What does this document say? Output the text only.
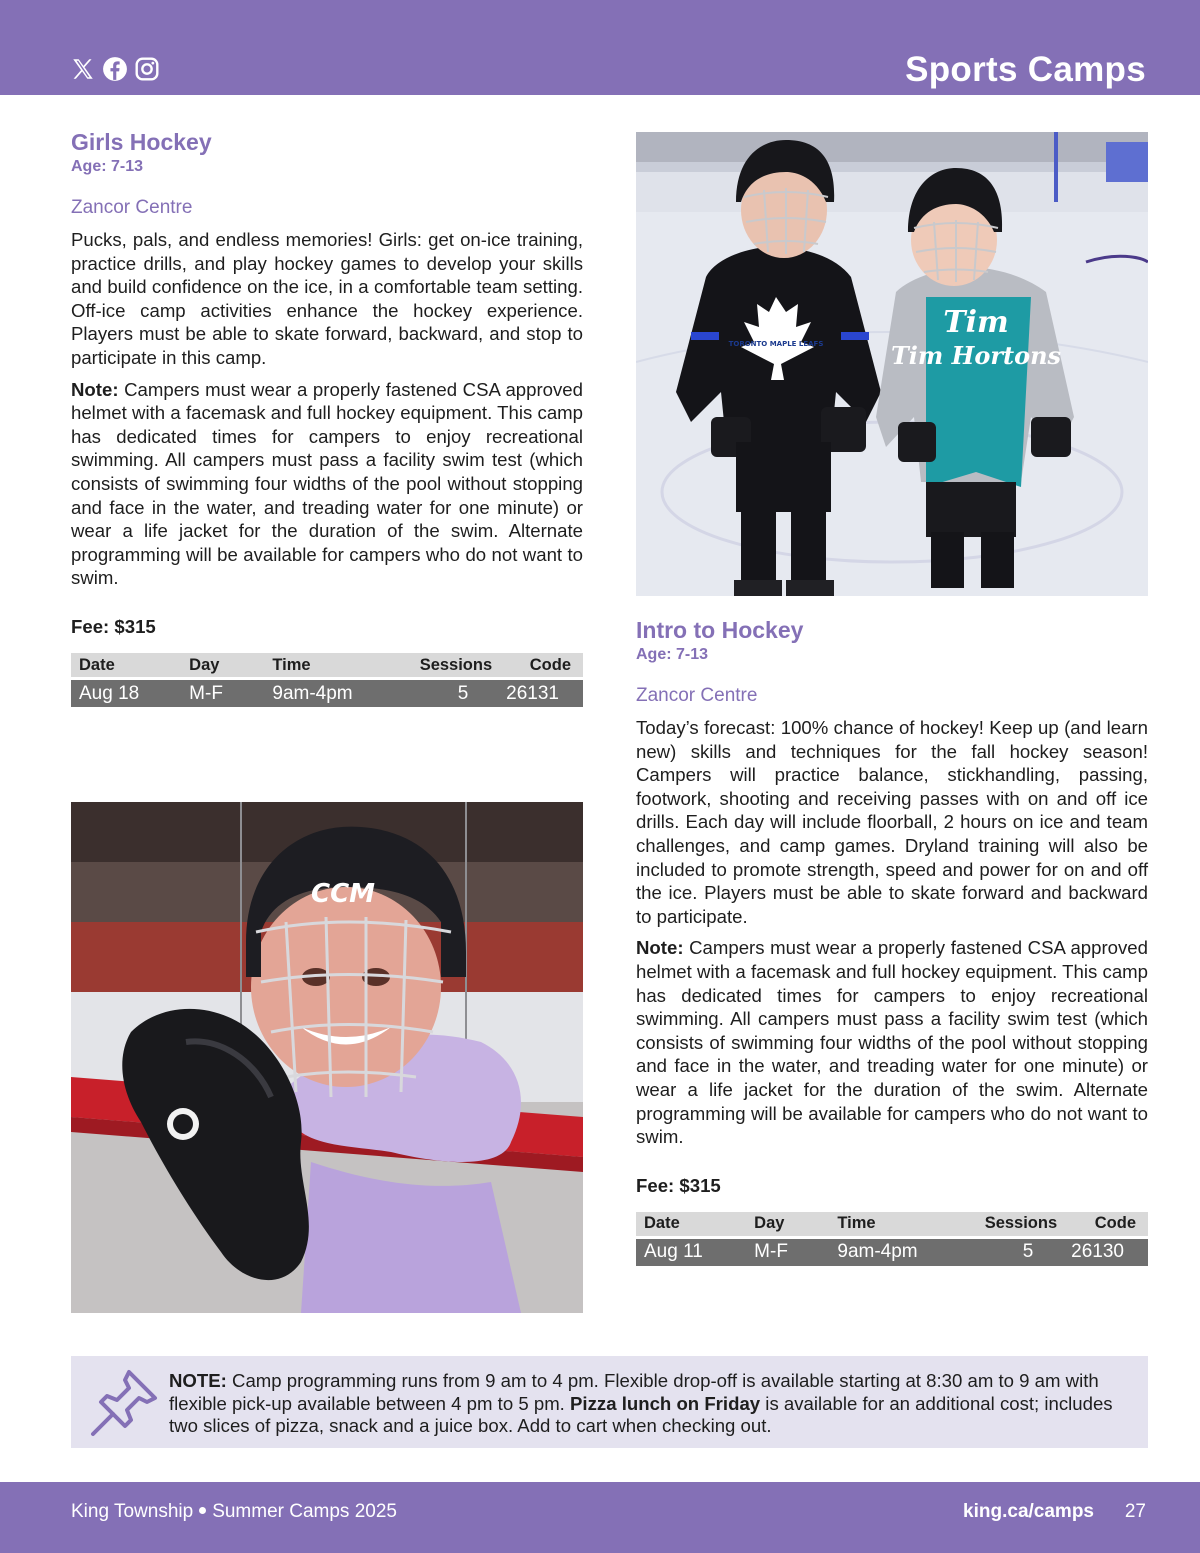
Sports Camps
Girls Hockey
Age: 7-13
Zancor Centre

Pucks, pals, and endless memories! Girls: get on-ice training, practice drills, and play hockey games to develop your skills and build confidence on the ice, in a comfortable team setting. Off-ice camp activities enhance the hockey experience. Players must be able to skate forward, backward, and stop to participate in this camp.

Note: Campers must wear a properly fastened CSA approved helmet with a facemask and full hockey equipment. This camp has dedicated times for campers to enjoy recreational swimming. All campers must pass a facility swim test (which consists of swimming four widths of the pool without stopping and face in the water, and treading water for one minute) or wear a life jacket for the duration of the swim. Alternate programming will be available for campers who do not want to swim.

Fee: $315
Date	Day	Time	Sessions	Code
Aug 18	M-F	9am-4pm	5	26131
CCM
TORONTO MAPLE LEAFS
Tim
Tim Hortons
Intro to Hockey
Age: 7-13
Zancor Centre

Today’s forecast: 100% chance of hockey! Keep up (and learn new) skills and techniques for the fall hockey season! Campers will practice balance, stickhandling, passing, footwork, shooting and receiving passes with on and off ice drills. Each day will include floorball, 2 hours on ice and team challenges, and camp games. Dryland training will also be included to promote strength, speed and power for on and off the ice. Players must be able to skate forward and backward to participate.

Note: Campers must wear a properly fastened CSA approved helmet with a facemask and full hockey equipment. This camp has dedicated times for campers to enjoy recreational swimming. All campers must pass a facility swim test (which consists of swimming four widths of the pool without stopping and face in the water, and treading water for one minute) or wear a life jacket for the duration of the swim. Alternate programming will be available for campers who do not want to swim.

Fee: $315
Date	Day	Time	Sessions	Code
Aug 11	M-F	9am-4pm	5	26130
NOTE: Camp programming runs from 9 am to 4 pm. Flexible drop-off is available starting at 8:30 am to 9 am with flexible pick-up available between 4 pm to 5 pm. Pizza lunch on Friday is available for an additional cost; includes two slices of pizza, snack and a juice box. Add to cart when checking out.
King Township Summer Camps 2025	king.ca/camps 27
